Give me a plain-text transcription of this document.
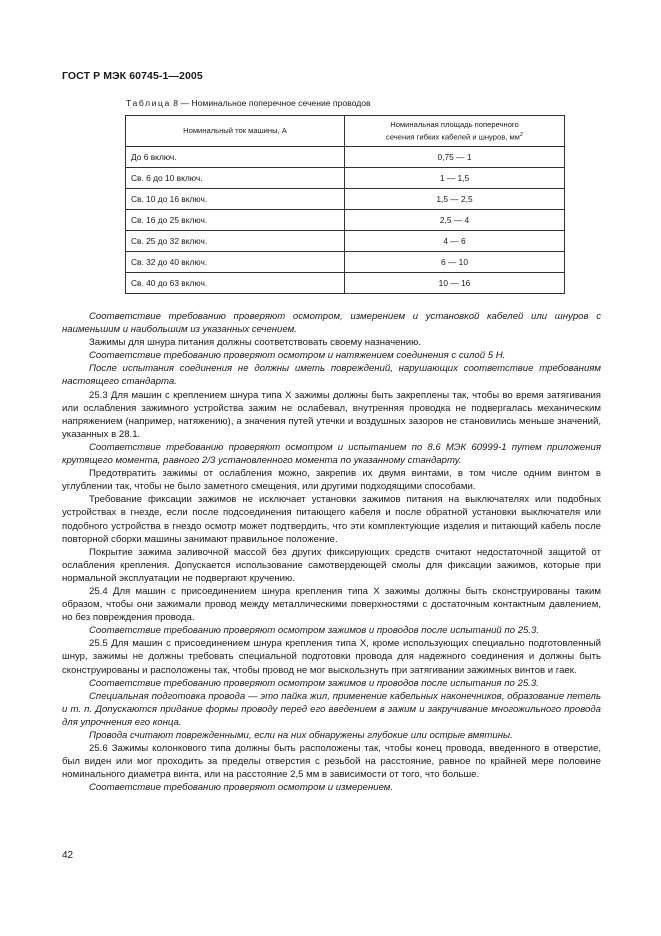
ГОСТ Р МЭК 60745-1—2005
Таблица 8 — Номинальное поперечное сечение проводов
Номинальный ток машины, А	Номинальная площадь поперечного
сечения гибких кабелей и шнуров, $мм^2$
До 6 включ.	0,75 — 1
Св. 6 до 10 включ.	1 — 1,5
Св. 10 до 16 включ.	1,5 — 2,5
Св. 16 до 25 включ.	2,5 — 4
Св. 25 до 32 включ.	4 — 6
Св. 32 до 40 включ.	6 — 10
Св. 40 до 63 включ.	10 — 16

Соответствие требованию проверяют осмотром, измерением и установкой кабелей или шнуров с наименьшим и наибольшим из указанных сечением.

Зажимы для шнура питания должны соответствовать своему назначению.

Соответствие требованию проверяют осмотром и натяжением соединения с силой 5 Н.

После испытания соединения не должны иметь повреждений, нарушающих соответствие требованиям настоящего стандарта.

25.3 Для машин с креплением шнура типа X зажимы должны быть закреплены так, чтобы во время затягивания или ослабления зажимного устройства зажим не ослабевал, внутренняя проводка не подвергалась механическим напряжением (например, натяжению), а значения путей утечки и воздушных зазоров не становились меньше значений, указанных в 28.1.

Соответствие требованию проверяют осмотром и испытанием по 8.6 МЭК 60999-1 путем приложения крутящего момента, равного 2/3 установленного момента по указанному стандарту.

Предотвратить зажимы от ослабления можно, закрепив их двумя винтами, в том числе одним винтом в углублении так, чтобы не было заметного смещения, или другими подходящими способами.

Требование фиксации зажимов не исключает установки зажимов питания на выключателях или подобных устройствах в гнезде, если после подсоединения питающего кабеля и после обратной установки выключателя или подобного устройства в гнездо осмотр может подтвердить, что эти комплектующие изделия и питающий кабель после повторной сборки машины занимают правильное положение.

Покрытие зажима заливочной массой без других фиксирующих средств считают недостаточной защитой от ослабления крепления. Допускается использование самотвердеющей смолы для фиксации зажимов, которые при нормальной эксплуатации не подвергают кручению.

25.4 Для машин с присоединением шнура крепления типа X зажимы должны быть сконструированы таким образом, чтобы они зажимали провод между металлическими поверхностями с достаточным контактным давлением, но без повреждения провода.

Соответствие требованию проверяют осмотром зажимов и проводов после испытаний по 25.3.

25.5 Для машин с присоединением шнура крепления типа X, кроме использующих специально подготовленный шнур, зажимы не должны требовать специальной подготовки провода для надежного соединения и должны быть сконструированы и расположены так, чтобы провод не мог выскользнуть при затягивании зажимных винтов и гаек.

Соответствие требованию проверяют осмотром зажимов и проводов после испытания по 25.3.

Специальная подготовка провода — это пайка жил, применение кабельных наконечников, образование петель и т. п. Допускаются придание формы проводу перед его введением в зажим и закручивание многожильного провода для упрочнения его конца.

Провода считают поврежденными, если на них обнаружены глубокие или острые вмятины.

25.6 Зажимы колонкового типа должны быть расположены так, чтобы конец провода, введенного в отверстие, был виден или мог проходить за пределы отверстия с резьбой на расстояние, равное по крайней мере половине номинального диаметра винта, или на расстояние 2,5 мм в зависимости от того, что больше.

Соответствие требованию проверяют осмотром и измерением.

42
